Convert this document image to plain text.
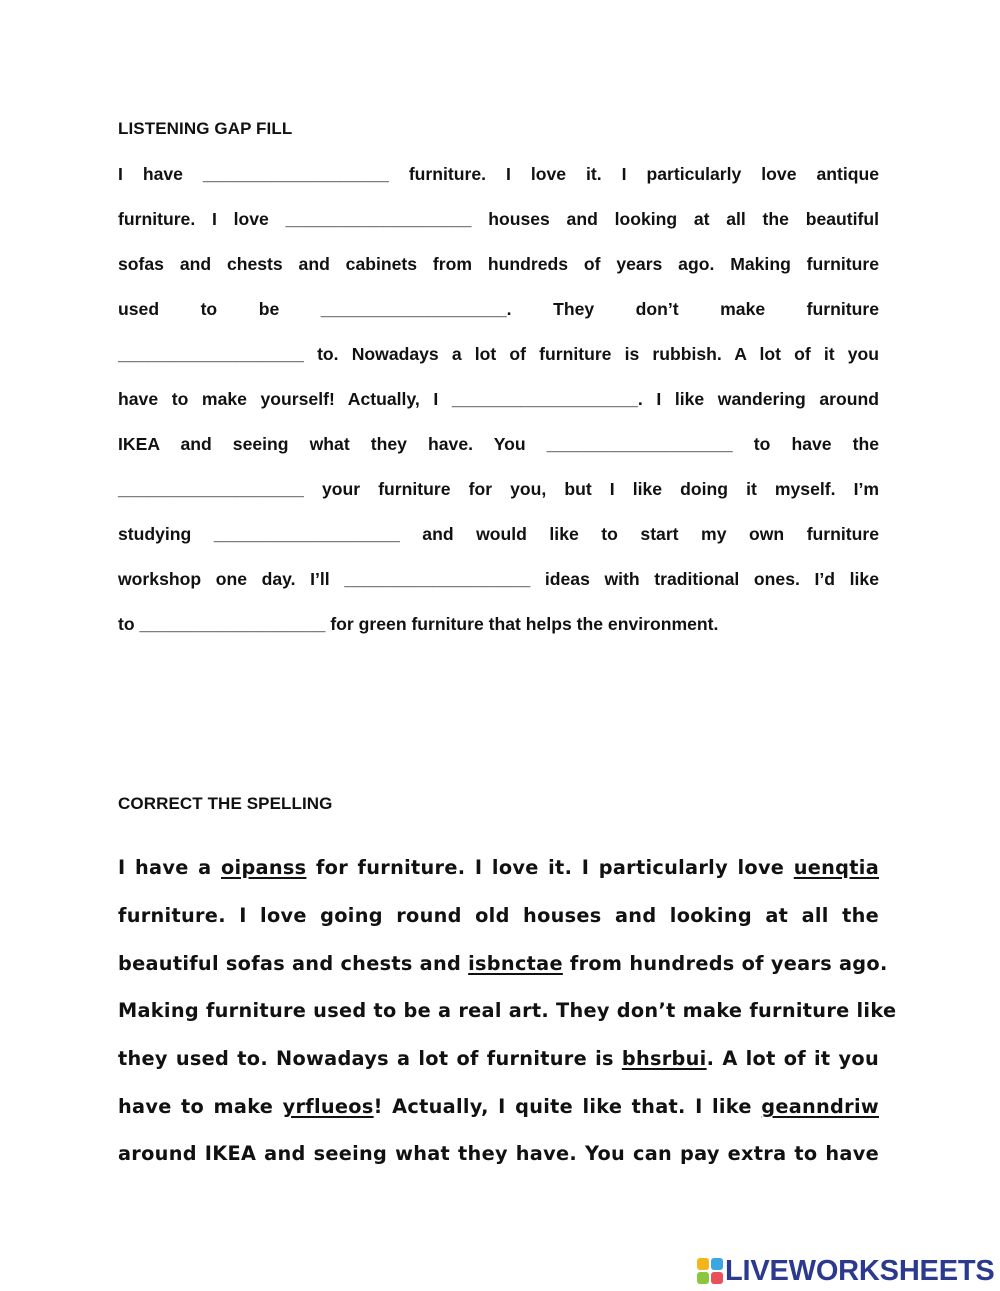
LISTENING GAP FILL
I have ___________________ furniture. I love it. I particularly love antique
furniture. I love ___________________ houses and looking at all the beautiful
sofas and chests and cabinets from hundreds of years ago. Making furniture
used to be ___________________. They don’t make furniture
___________________ to. Nowadays a lot of furniture is rubbish. A lot of it you
have to make yourself! Actually, I ___________________. I like wandering around
IKEA and seeing what they have. You ___________________ to have the
___________________ your furniture for you, but I like doing it myself. I’m
studying ___________________ and would like to start my own furniture
workshop one day. I’ll ___________________ ideas with traditional ones. I’d like
to ___________________ for green furniture that helps the environment.
CORRECT THE SPELLING
I have a oipanss for furniture. I love it. I particularly love uenqtia
furniture. I love going round old houses and looking at all the
beautiful sofas and chests and isbnctae from hundreds of years ago.
Making furniture used to be a real art. They don’t make furniture like
they used to. Nowadays a lot of furniture is bhsrbui. A lot of it you
have to make yrflueos! Actually, I quite like that. I like geanndriw
around IKEA and seeing what they have. You can pay extra to have
LIVEWORKSHEETS
